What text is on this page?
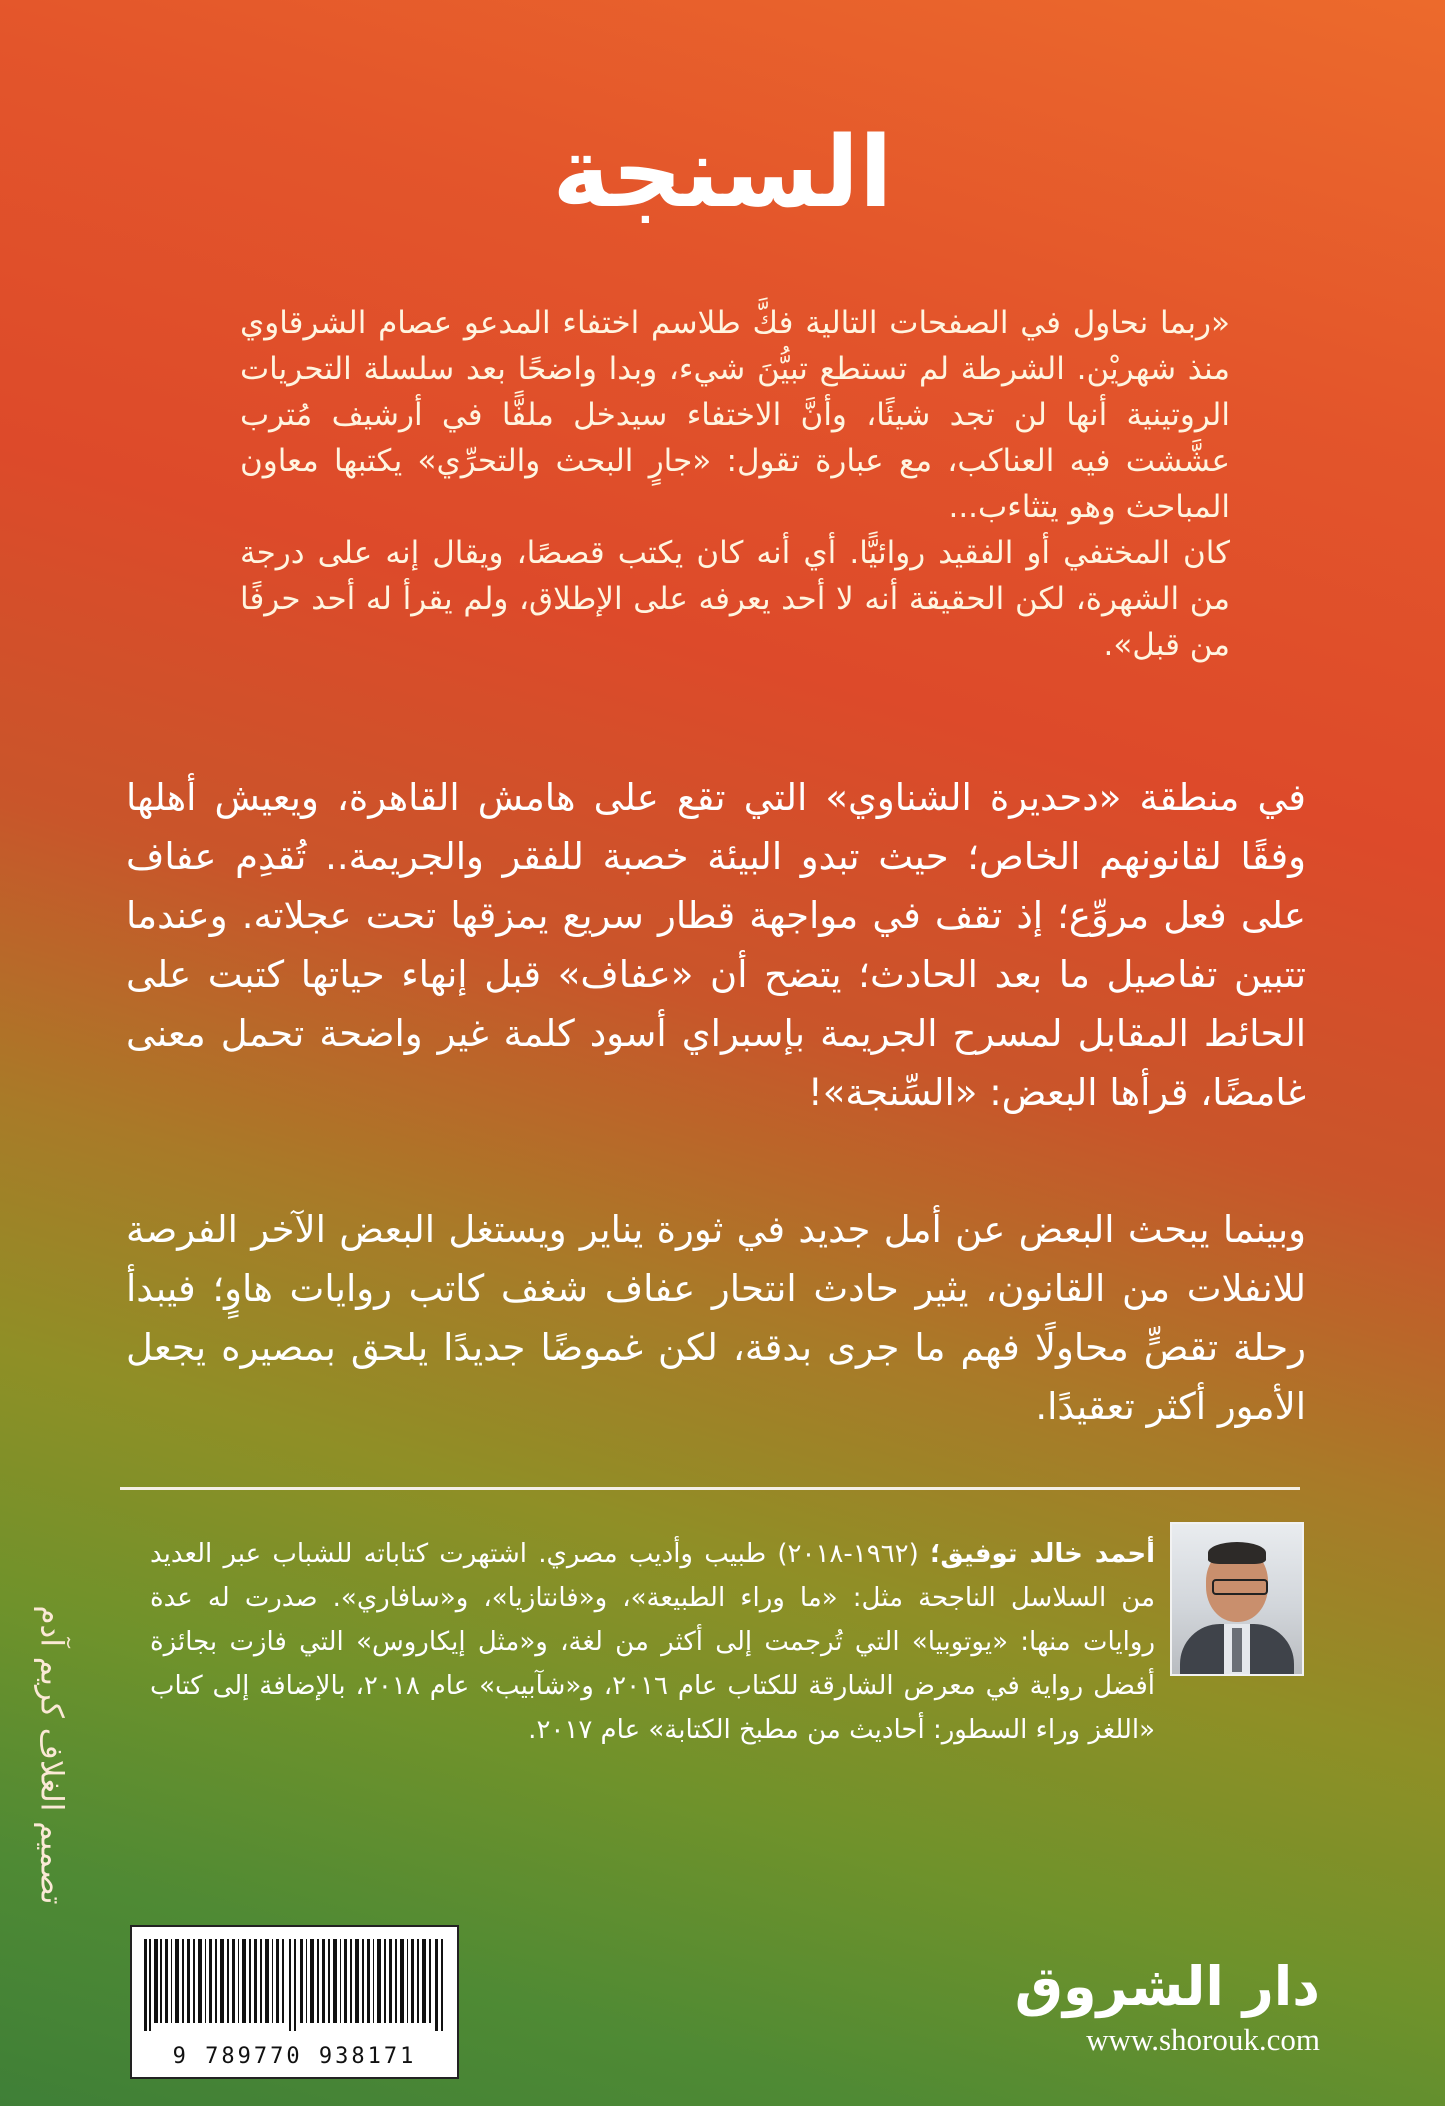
السنجة

«ربما نحاول في الصفحات التالية فكَّ طلاسم اختفاء المدعو عصام الشرقاوي منذ شهريْن. الشرطة لم تستطع تبيُّنَ شيء، وبدا واضحًا بعد سلسلة التحريات الروتينية أنها لن تجد شيئًا، وأنَّ الاختفاء سيدخل ملفًّا في أرشيف مُترب عشَّشت فيه العناكب، مع عبارة تقول: «جارٍ البحث والتحرِّي» يكتبها معاون المباحث وهو يتثاءب...

كان المختفي أو الفقيد روائيًّا. أي أنه كان يكتب قصصًا، ويقال إنه على درجة من الشهرة، لكن الحقيقة أنه لا أحد يعرفه على الإطلاق، ولم يقرأ له أحد حرفًا من قبل».

في منطقة «دحديرة الشناوي» التي تقع على هامش القاهرة، ويعيش أهلها وفقًا لقانونهم الخاص؛ حيث تبدو البيئة خصبة للفقر والجريمة.. تُقدِم عفاف على فعل مروِّع؛ إذ تقف في مواجهة قطار سريع يمزقها تحت عجلاته. وعندما تتبين تفاصيل ما بعد الحادث؛ يتضح أن «عفاف» قبل إنهاء حياتها كتبت على الحائط المقابل لمسرح الجريمة بإسبراي أسود كلمة غير واضحة تحمل معنى غامضًا، قرأها البعض: «السِّنجة»!
وبينما يبحث البعض عن أمل جديد في ثورة يناير ويستغل البعض الآخر الفرصة للانفلات من القانون، يثير حادث انتحار عفاف شغف كاتب روايات هاوٍ؛ فيبدأ رحلة تقصٍّ محاولًا فهم ما جرى بدقة، لكن غموضًا جديدًا يلحق بمصيره يجعل الأمور أكثر تعقيدًا.
أحمد خالد توفيق؛ (١٩٦٢-٢٠١٨) طبيب وأديب مصري. اشتهرت كتاباته للشباب عبر العديد من السلاسل الناجحة مثل: «ما وراء الطبيعة»، و«فانتازيا»، و«سافاري». صدرت له عدة روايات منها: «يوتوبيا» التي تُرجمت إلى أكثر من لغة، و«مثل إيكاروس» التي فازت بجائزة أفضل رواية في معرض الشارقة للكتاب عام ٢٠١٦، و«شآبيب» عام ٢٠١٨، بالإضافة إلى كتاب «اللغز وراء السطور: أحاديث من مطبخ الكتابة» عام ٢٠١٧.
تصميم الغلاف كريم آدم
9 789770 938171
دار الشروق
www.shorouk.com
